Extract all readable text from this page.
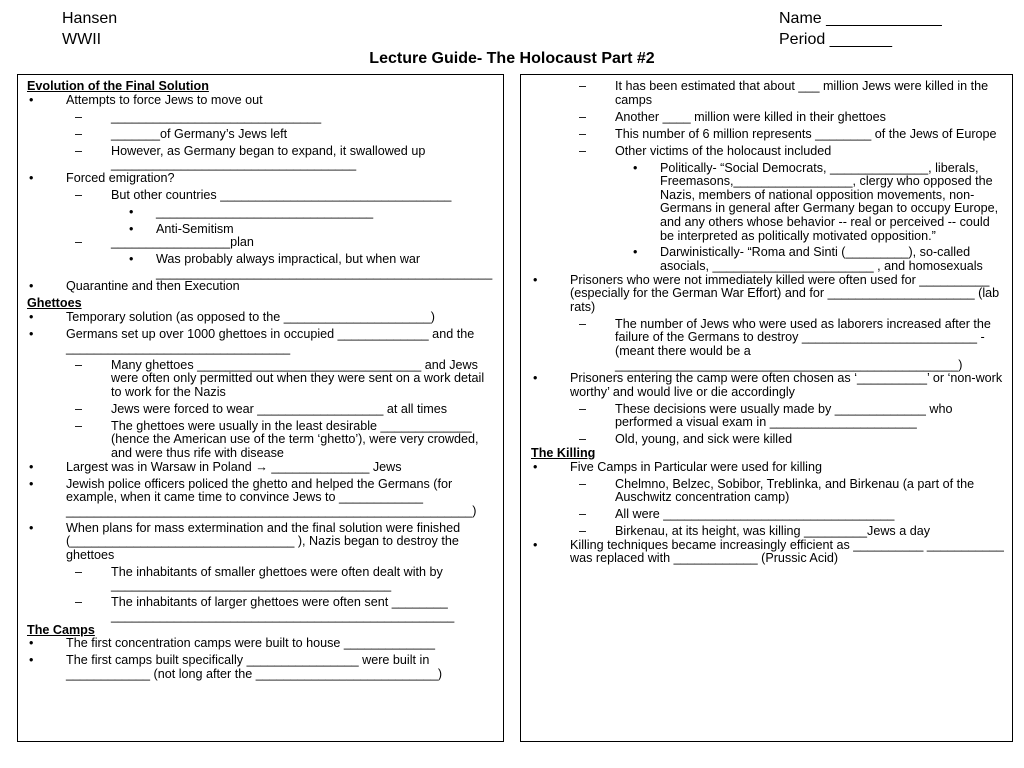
Hansen
WWII
Name _____________
Period _______
Lecture Guide- The Holocaust Part #2
Evolution of the Final Solution
• Attempts to force Jews to move out
– ______________________________
– _______of Germany’s Jews left
– However, as Germany began to expand, it swallowed up ___________________________________
• Forced emigration?
– But other countries _________________________________
• _______________________________
• Anti-Semitism
– _________________plan
• Was probably always impractical, but when war ________________________________________________
• Quarantine and then Execution
Ghettoes
• Temporary solution (as opposed to the _____________________)
• Germans set up over 1000 ghettoes in occupied _____________ and the ________________________________
– Many ghettoes ________________________________ and Jews were often only permitted out when they were sent on a work detail to work for the Nazis
– Jews were forced to wear __________________ at all times
– The ghettoes were usually in the least desirable _____________ (hence the American use of the term ‘ghetto’), were very crowded, and were thus rife with disease
• Largest was in Warsaw in Poland → ______________ Jews
• Jewish police officers policed the ghetto and helped the Germans (for example, when it came time to convince Jews to ____________ __________________________________________________________)
• When plans for mass extermination and the final solution were finished (________________________________ ), Nazis began to destroy the ghettoes
– The inhabitants of smaller ghettoes were often dealt with by ________________________________________
– The inhabitants of larger ghettoes were often sent ________ _________________________________________________
The Camps
• The first concentration camps were built to house _____________
• The first camps built specifically ________________ were built in ____________ (not long after the __________________________)
– It has been estimated that about ___ million Jews were killed in the camps
– Another ____ million were killed in their ghettoes
– This number of 6 million represents ________ of the Jews of Europe
– Other victims of the holocaust included
• Politically- “Social Democrats, ______________, liberals, Freemasons,_________________, clergy who opposed the Nazis, members of national opposition movements, non-Germans in general after Germany began to occupy Europe, and any others whose behavior -- real or perceived -- could be interpreted as politically motivated opposition.”
• Darwinistically- “Roma and Sinti (_________), so-called asocials, _______________________ , and homosexuals
• Prisoners who were not immediately killed were often used for __________  (especially for the German War Effort) and for _____________________ (lab rats)
– The number of Jews who were used as laborers increased after the failure of the Germans to destroy _________________________ - (meant there would be a _________________________________________________)
• Prisoners entering the camp were often chosen as ‘__________’ or ‘non-work worthy’ and would live or die accordingly
– These decisions were usually made by _____________ who performed a visual exam in _____________________
– Old, young, and sick were killed
The Killing
• Five Camps in Particular were used for killing
– Chelmno, Belzec, Sobibor, Treblinka, and Birkenau (a part of the Auschwitz concentration camp)
– All were _________________________________
– Birkenau, at its height, was killing _________Jews a day
• Killing techniques became increasingly efficient as __________ ___________ was replaced with ____________ (Prussic Acid)
